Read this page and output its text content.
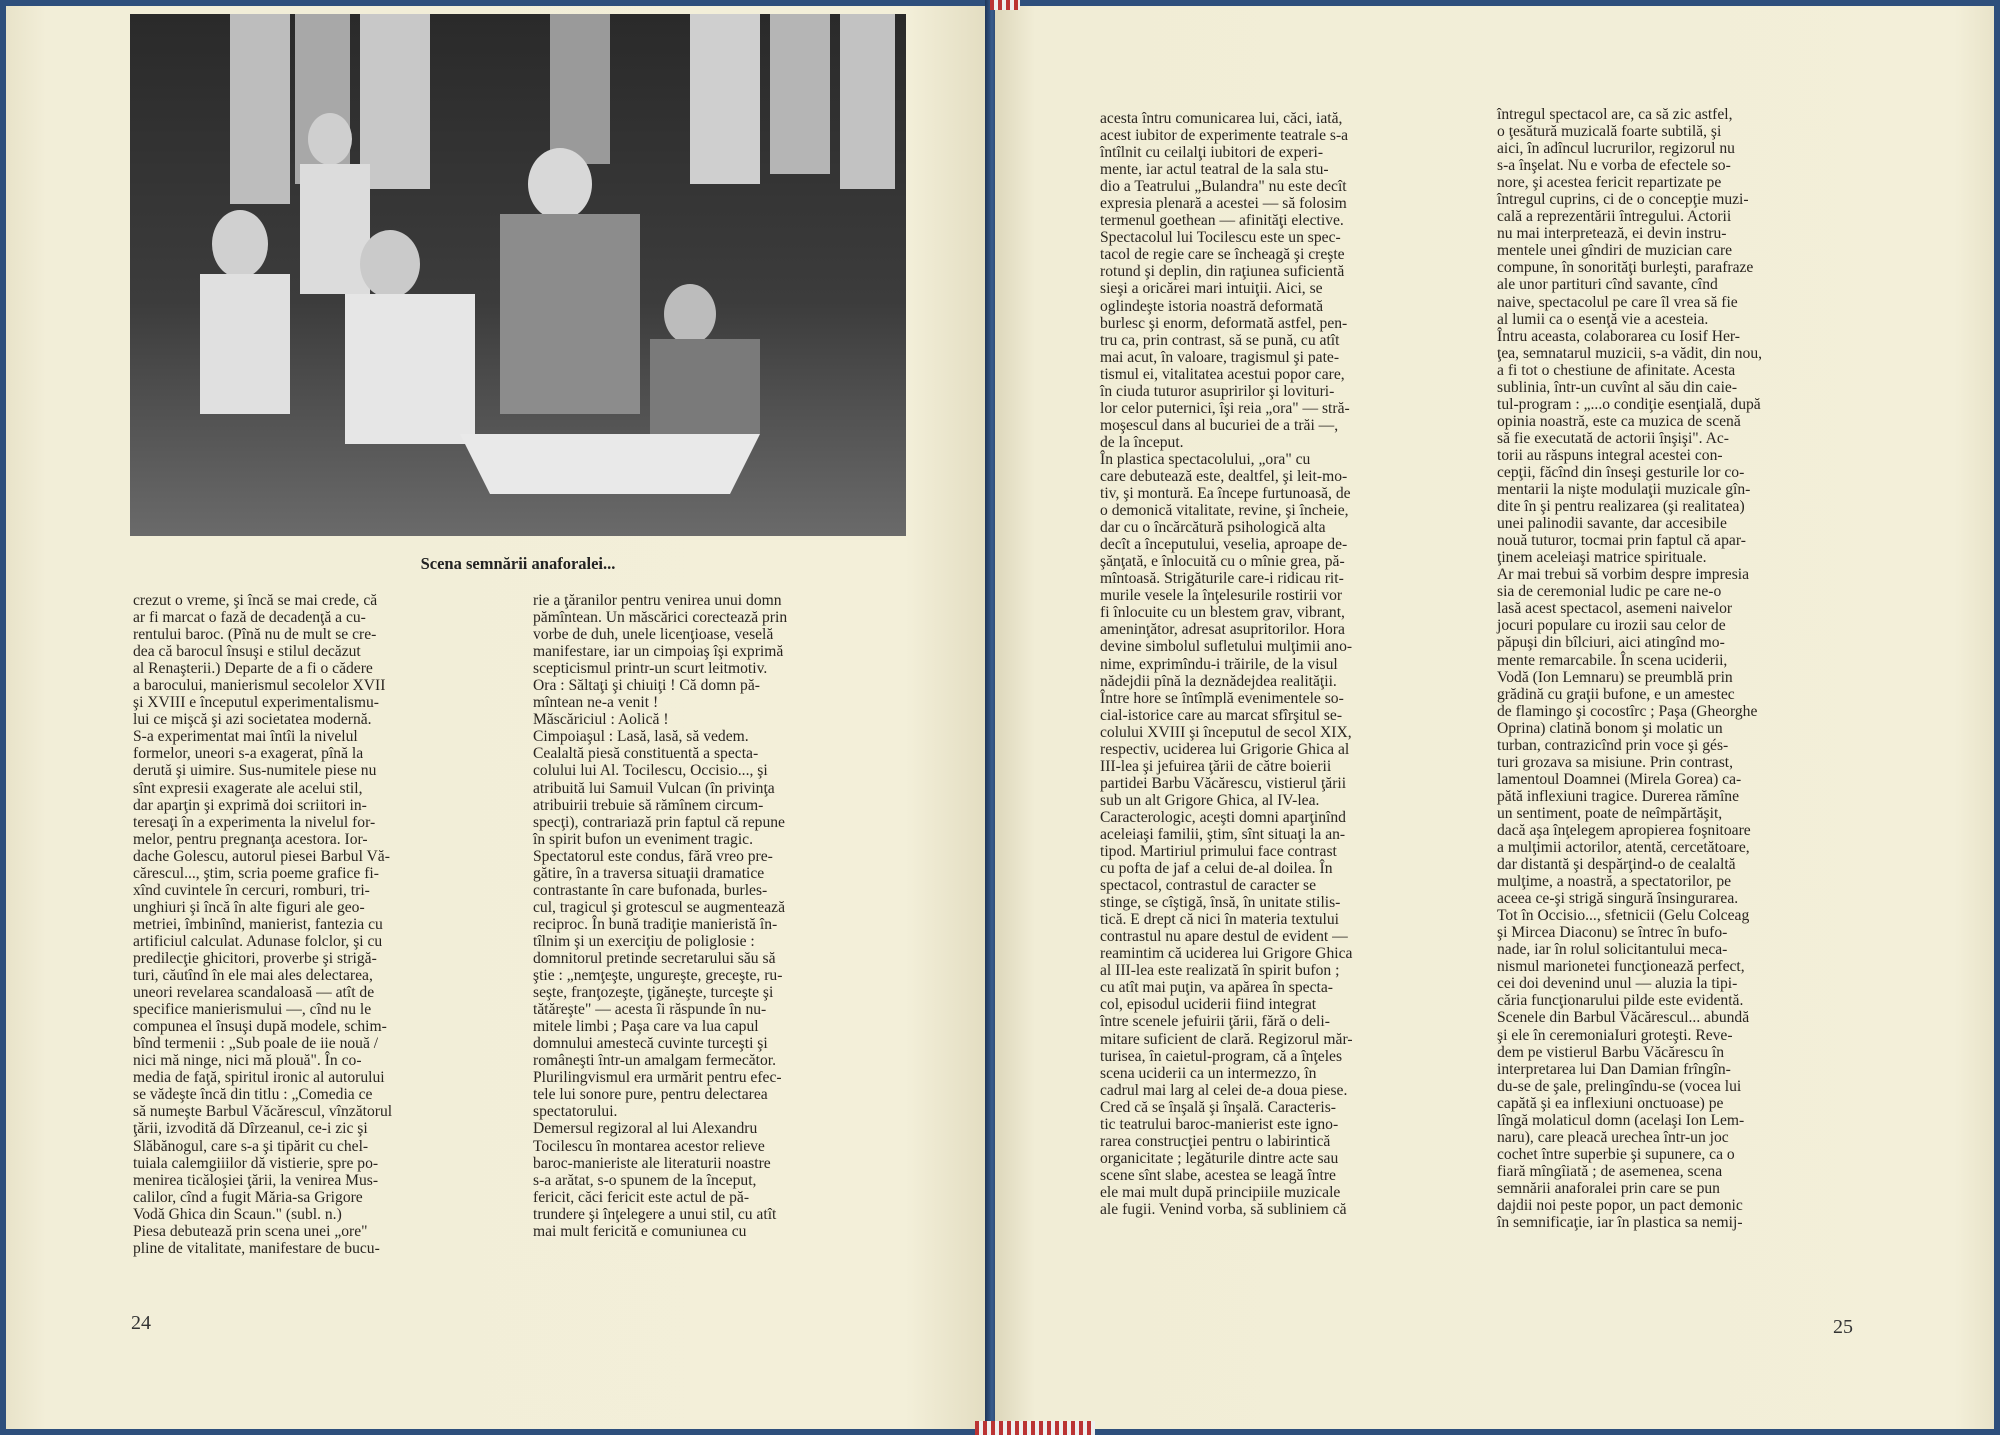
Scena semnării anaforalei...
crezut o vreme, şi încă se mai crede, că
ar fi marcat o fază de decadenţă a cu-
rentului baroc. (Pînă nu de mult se cre-
dea că barocul însuşi e stilul decăzut
al Renaşterii.) Departe de a fi o cădere
a barocului, manierismul secolelor XVII
şi XVIII e începutul experimentalismu-
lui ce mişcă şi azi societatea modernă.
S-a experimentat mai întîi la nivelul
formelor, uneori s-a exagerat, pînă la
derută şi uimire. Sus-numitele piese nu
sînt expresii exagerate ale acelui stil,
dar aparţin şi exprimă doi scriitori in-
teresaţi în a experimenta la nivelul for-
melor, pentru pregnanţa acestora. Ior-
dache Golescu, autorul piesei Barbul Vă-
cărescul..., ştim, scria poeme grafice fi-
xînd cuvintele în cercuri, romburi, tri-
unghiuri şi încă în alte figuri ale geo-
metriei, îmbinînd, manierist, fantezia cu
artificiul calculat. Adunase folclor, şi cu
predilecţie ghicitori, proverbe şi strigă-
turi, căutînd în ele mai ales delectarea,
uneori revelarea scandaloasă — atît de
specifice manierismului —, cînd nu le
compunea el însuşi după modele, schim-
bînd termenii : „Sub poale de iie nouă /
nici mă ninge, nici mă plouă". În co-
media de faţă, spiritul ironic al autorului
se vădeşte încă din titlu : „Comedia ce
să numeşte Barbul Văcărescul, vînzătorul
ţării, izvodită dă Dîrzeanul, ce-i zic şi
Slăbănogul, care s-a şi tipărit cu chel-
tuiala calemgiiilor dă vistierie, spre po-
menirea ticăloşiei ţării, la venirea Mus-
calilor, cînd a fugit Măria-sa Grigore
Vodă Ghica din Scaun." (subl. n.)
Piesa debutează prin scena unei „ore"
pline de vitalitate, manifestare de bucu-
rie a ţăranilor pentru venirea unui domn
pămîntean. Un măscărici corectează prin
vorbe de duh, unele licenţioase, veselă
manifestare, iar un cimpoiaş îşi exprimă
scepticismul printr-un scurt leitmotiv.
Ora : Săltaţi şi chiuiţi ! Că domn pă-
mîntean ne-a venit !
Măscăriciul : Aolică !
Cimpoiaşul : Lasă, lasă, să vedem.
Cealaltă piesă constituentă a specta-
colului lui Al. Tocilescu, Occisio..., şi
atribuită lui Samuil Vulcan (în privinţa
atribuirii trebuie să rămînem circum-
specţi), contrariază prin faptul că repune
în spirit bufon un eveniment tragic.
Spectatorul este condus, fără vreo pre-
gătire, în a traversa situaţii dramatice
contrastante în care bufonada, burles-
cul, tragicul şi grotescul se augmentează
reciproc. În bună tradiţie manieristă în-
tîlnim şi un exerciţiu de poliglosie :
domnitorul pretinde secretarului său să
ştie : „nemţeşte, ungureşte, greceşte, ru-
seşte, franţozeşte, ţigăneşte, turceşte şi
tătăreşte" — acesta îi răspunde în nu-
mitele limbi ; Paşa care va lua capul
domnului amestecă cuvinte turceşti şi
româneşti într-un amalgam fermecător.
Plurilingvismul era urmărit pentru efec-
tele lui sonore pure, pentru delectarea
spectatorului.
Demersul regizoral al lui Alexandru
Tocilescu în montarea acestor relieve
baroc-manieriste ale literaturii noastre
s-a arătat, s-o spunem de la început,
fericit, căci fericit este actul de pă-
trundere şi înţelegere a unui stil, cu atît
mai mult fericită e comuniunea cu
24
acesta întru comunicarea lui, căci, iată,
acest iubitor de experimente teatrale s-a
întîlnit cu ceilalţi iubitori de experi-
mente, iar actul teatral de la sala stu-
dio a Teatrului „Bulandra" nu este decît
expresia plenară a acestei — să folosim
termenul goethean — afinităţi elective.
Spectacolul lui Tocilescu este un spec-
tacol de regie care se încheagă şi creşte
rotund şi deplin, din raţiunea suficientă
sieşi a oricărei mari intuiţii. Aici, se
oglindeşte istoria noastră deformată
burlesc şi enorm, deformată astfel, pen-
tru ca, prin contrast, să se pună, cu atît
mai acut, în valoare, tragismul şi pate-
tismul ei, vitalitatea acestui popor care,
în ciuda tuturor asupririlor şi lovituri-
lor celor puternici, îşi reia „ora" — stră-
moşescul dans al bucuriei de a trăi —,
de la început.
În plastica spectacolului, „ora" cu
care debutează este, dealtfel, şi leit-mo-
tiv, şi montură. Ea începe furtunoasă, de
o demonică vitalitate, revine, şi încheie,
dar cu o încărcătură psihologică alta
decît a începutului, veselia, aproape de-
şănţată, e înlocuită cu o mînie grea, pă-
mîntoasă. Strigăturile care-i ridicau rit-
murile vesele la înţelesurile rostirii vor
fi înlocuite cu un blestem grav, vibrant,
ameninţător, adresat asupritorilor. Hora
devine simbolul sufletului mulţimii ano-
nime, exprimîndu-i trăirile, de la visul
nădejdii pînă la deznădejdea realităţii.
Între hore se întîmplă evenimentele so-
cial-istorice care au marcat sfîrşitul se-
colului XVIII şi începutul de secol XIX,
respectiv, uciderea lui Grigorie Ghica al
III-lea şi jefuirea ţării de către boierii
partidei Barbu Văcărescu, vistierul ţării
sub un alt Grigore Ghica, al IV-lea.
Caracterologic, aceşti domni aparţinînd
aceleiaşi familii, ştim, sînt situaţi la an-
tipod. Martiriul primului face contrast
cu pofta de jaf a celui de-al doilea. În
spectacol, contrastul de caracter se
stinge, se cîştigă, însă, în unitate stilis-
tică. E drept că nici în materia textului
contrastul nu apare destul de evident —
reamintim că uciderea lui Grigore Ghica
al III-lea este realizată în spirit bufon ;
cu atît mai puţin, va apărea în specta-
col, episodul uciderii fiind integrat
între scenele jefuirii ţării, fără o deli-
mitare suficient de clară. Regizorul măr-
turisea, în caietul-program, că a înţeles
scena uciderii ca un intermezzo, în
cadrul mai larg al celei de-a doua piese.
Cred că se înşală şi înşală. Caracteris-
tic teatrului baroc-manierist este igno-
rarea construcţiei pentru o labirintică
organicitate ; legăturile dintre acte sau
scene sînt slabe, acestea se leagă între
ele mai mult după principiile muzicale
ale fugii. Venind vorba, să subliniem că
întregul spectacol are, ca să zic astfel,
o ţesătură muzicală foarte subtilă, şi
aici, în adîncul lucrurilor, regizorul nu
s-a înşelat. Nu e vorba de efectele so-
nore, şi acestea fericit repartizate pe
întregul cuprins, ci de o concepţie muzi-
cală a reprezentării întregului. Actorii
nu mai interpretează, ei devin instru-
mentele unei gîndiri de muzician care
compune, în sonorităţi burleşti, parafraze
ale unor partituri cînd savante, cînd
naive, spectacolul pe care îl vrea să fie
al lumii ca o esenţă vie a acesteia.
Întru aceasta, colaborarea cu Iosif Her-
ţea, semnatarul muzicii, s-a vădit, din nou,
a fi tot o chestiune de afinitate. Acesta
sublinia, într-un cuvînt al său din caie-
tul-program : „...o condiţie esenţială, după
opinia noastră, este ca muzica de scenă
să fie executată de actorii înşişi". Ac-
torii au răspuns integral acestei con-
cepţii, făcînd din înseşi gesturile lor co-
mentarii la nişte modulaţii muzicale gîn-
dite în şi pentru realizarea (şi realitatea)
unei palinodii savante, dar accesibile
nouă tuturor, tocmai prin faptul că apar-
ţinem aceleiaşi matrice spirituale.
Ar mai trebui să vorbim despre impresia
sia de ceremonial ludic pe care ne-o
lasă acest spectacol, asemeni naivelor
jocuri populare cu irozii sau celor de
păpuşi din bîlciuri, aici atingînd mo-
mente remarcabile. În scena uciderii,
Vodă (Ion Lemnaru) se preumblă prin
grădină cu graţii bufone, e un amestec
de flamingo şi cocostîrc ; Paşa (Gheorghe
Oprina) clatină bonom şi molatic un
turban, contrazicînd prin voce şi gés-
turi grozava sa misiune. Prin contrast,
lamentoul Doamnei (Mirela Gorea) ca-
pătă inflexiuni tragice. Durerea rămîne
un sentiment, poate de neîmpărtăşit,
dacă aşa înţelegem apropierea foşnitoare
a mulţimii actorilor, atentă, cercetătoare,
dar distantă şi despărţind-o de cealaltă
mulţime, a noastră, a spectatorilor, pe
aceea ce-şi strigă singură însingurarea.
Tot în Occisio..., sfetnicii (Gelu Colceag
şi Mircea Diaconu) se întrec în bufo-
nade, iar în rolul solicitantului meca-
nismul marionetei funcţionează perfect,
cei doi devenind unul — aluzia la tipi-
căria funcţionarului pilde este evidentă.
Scenele din Barbul Văcărescul... abundă
şi ele în ceremoniaIuri groteşti. Reve-
dem pe vistierul Barbu Văcărescu în
interpretarea lui Dan Damian frîngîn-
du-se de şale, prelingîndu-se (vocea lui
capătă şi ea inflexiuni onctuoase) pe
lîngă molaticul domn (acelaşi Ion Lem-
naru), care pleacă urechea într-un joc
cochet între superbie şi supunere, ca o
fiară mîngîiată ; de asemenea, scena
semnării anaforalei prin care se pun
dajdii noi peste popor, un pact demonic
în semnificaţie, iar în plastica sa nemij-
25
